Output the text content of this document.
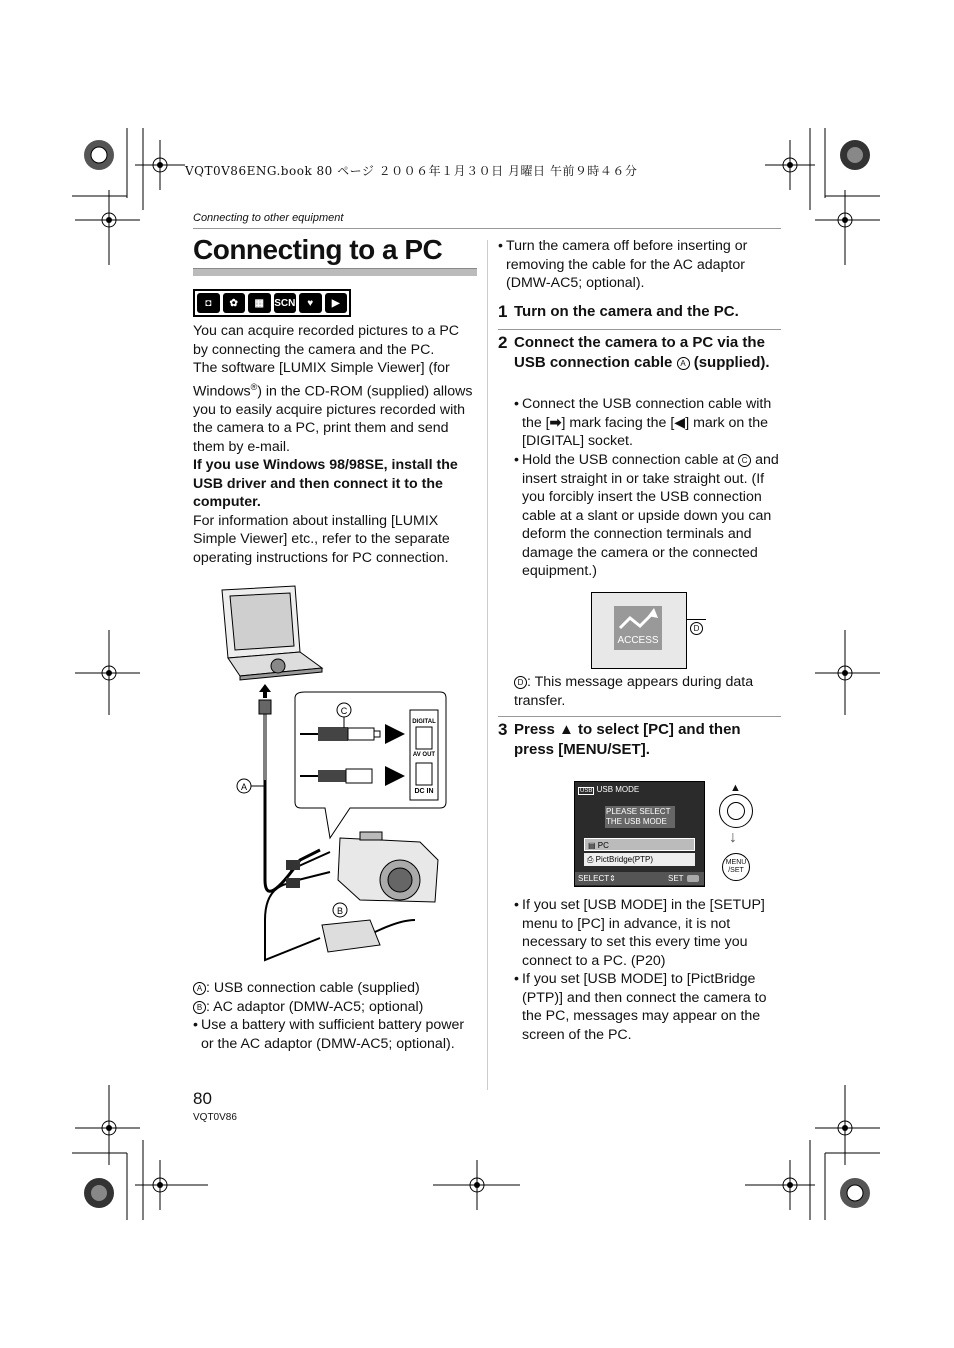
VQT0V86ENG.book 80 ページ ２００６年１月３０日 月曜日 午前９時４６分
Connecting to other equipment
Connecting to a PC
◘	✿	▦	SCN	♥	▶

You can acquire recorded pictures to a PC by connecting the camera and the PC.

The software [LUMIX Simple Viewer] (for Windows®) in the CD-ROM (supplied) allows you to easily acquire pictures recorded with the camera to a PC, print them and send them by e-mail.

If you use Windows 98/98SE, install the USB driver and then connect it to the computer.

For information about installing [LUMIX Simple Viewer] etc., refer to the separate operating instructions for PC connection.

A
C
DIGITAL
AV OUT
DC IN
B
A : USB connection cable (supplied)
B : AC adaptor (DMW-AC5; optional)
• Use a battery with sufficient battery power or the AC adaptor (DMW-AC5; optional).
• Turn the camera off before inserting or removing the cable for the AC adaptor (DMW-AC5; optional).
1 Turn on the camera and the PC.
2 Connect the camera to a PC via the USB connection cable A (supplied).
• Connect the USB connection cable with the [➡] mark facing the [◀] mark on the [DIGITAL] socket.
• Hold the USB connection cable at C and insert straight in or take straight out. (If you forcibly insert the USB connection cable at a slant or upside down you can deform the connection terminals and damage the camera or the connected equipment.)
ACCESS
D
D : This message appears during data transfer.
3 Press ▲ to select [PC] and then press [MENU/SET].
USB USB MODE
PLEASE SELECT
THE USB MODE
▤ PC
⎙ PictBridge(PTP)
SELECT⇕	SET
▲
↓
MENU
/SET
• If you set [USB MODE] in the [SETUP] menu to [PC] in advance, it is not necessary to set this every time you connect to a PC. (P20)
• If you set [USB MODE] to [PictBridge (PTP)] and then connect the camera to the PC, messages may appear on the screen of the PC.
80
VQT0V86
